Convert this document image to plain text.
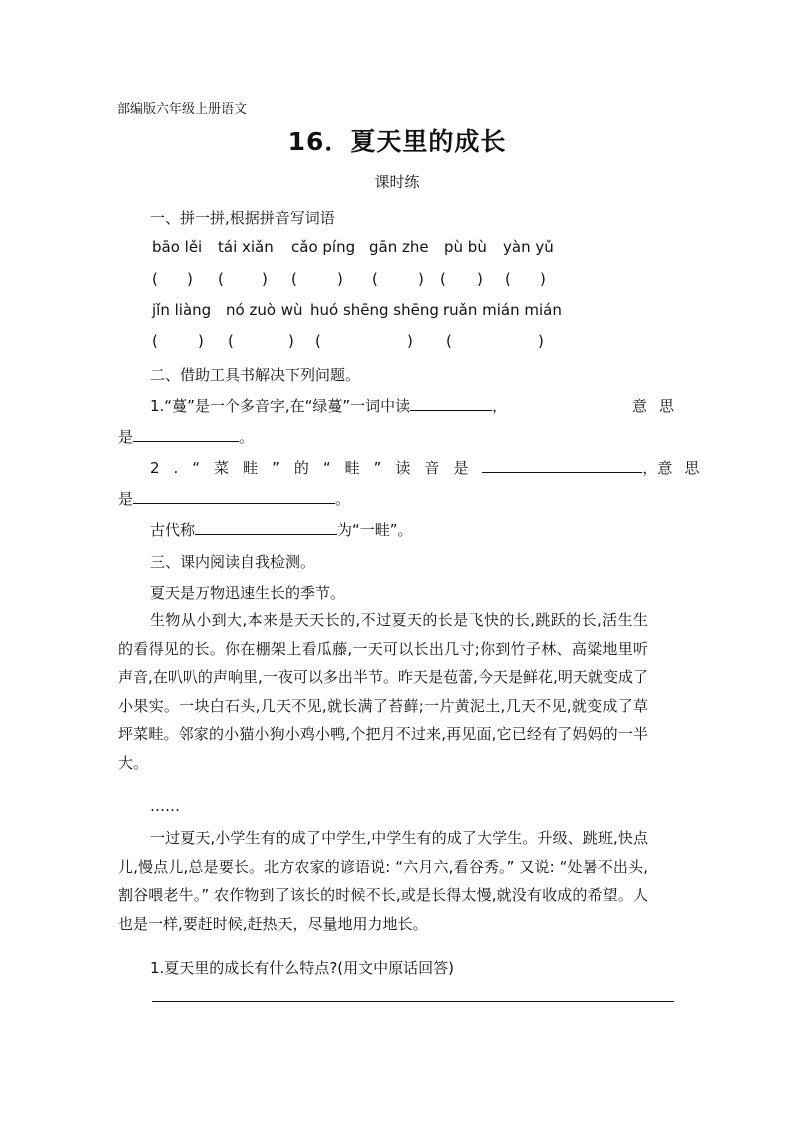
部编版六年级上册语文
16．夏天里的成长
课时练
一、拼一拼,根据拼音写词语
bāo lěi tái xiǎn cǎo píng gān zhe pù bù yàn yǔ
( ) (	) (	) (	) ( ) ( )
jǐn liàng nó zuò wù huó shēng shēng ruǎn mián mián
(	) (	) (	) (	)
二、借助工具书解决下列问题。
1.“蔓”是一个多音字,在“绿蔓”一词中读	，	意思
是	。
2.“菜畦”的“畦”读音是	， 意思
是	。
古代称	为“一畦”。
三、课内阅读自我检测。
夏天是万物迅速生长的季节。
生物从小到大,本来是天天长的,不过夏天的长是飞快的长,跳跃的长,活生生的看得见的长。你在棚架上看瓜藤,一天可以长出几寸;你到竹子林、高粱地里听声音,在叭叭的声响里,一夜可以多出半节。昨天是苞蕾,今天是鲜花,明天就变成了小果实。一块白石头,几天不见,就长满了苔藓;一片黄泥土,几天不见,就变成了草坪菜畦。邻家的小猫小狗小鸡小鸭,个把月不过来,再见面,它已经有了妈妈的一半大。
……
一过夏天,小学生有的成了中学生,中学生有的成了大学生。升级、跳班,快点儿,慢点儿,总是要长。北方农家的谚语说: “六月六,看谷秀。” 又说: “处暑不出头,割谷喂老牛。” 农作物到了该长的时候不长,或是长得太慢,就没有收成的希望。人也是一样,要赶时候,赶热天，尽量地用力地长。
1.夏天里的成长有什么特点?(用文中原话回答)
